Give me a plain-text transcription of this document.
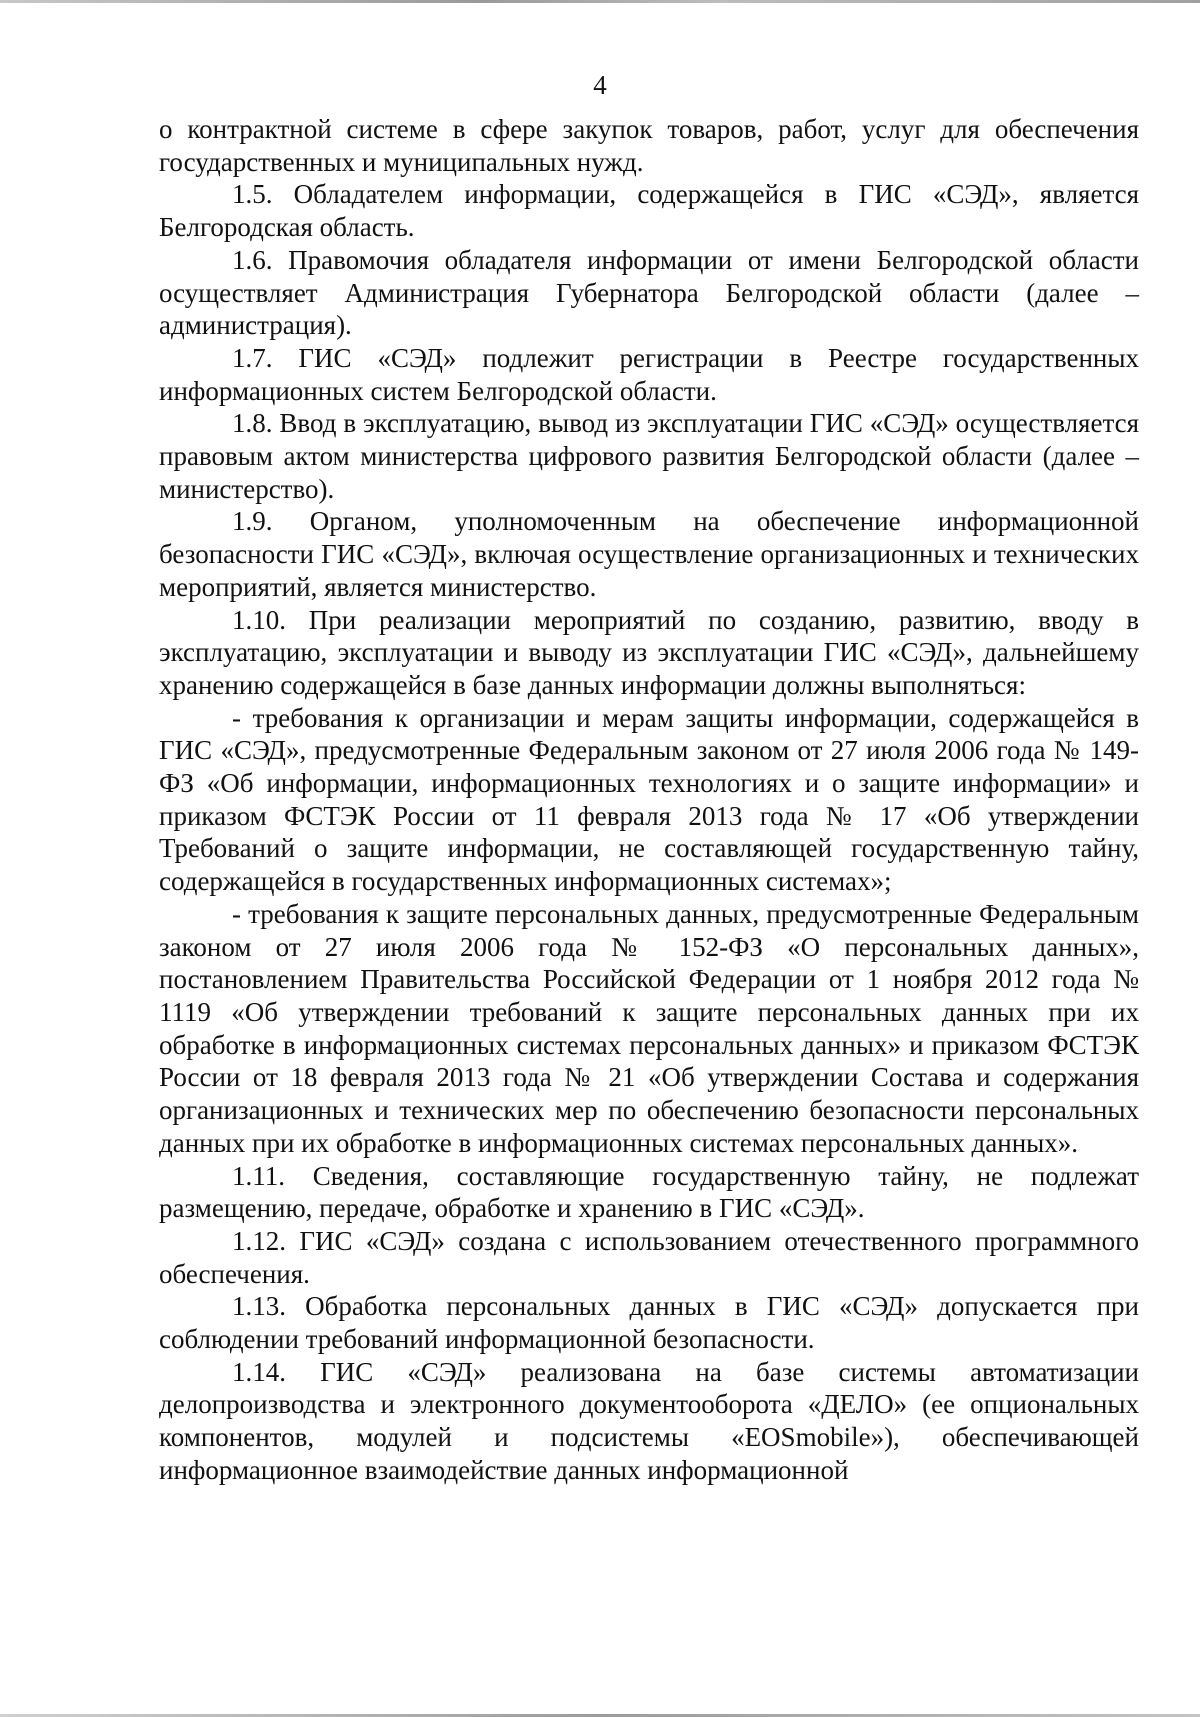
4

о контрактной системе в сфере закупок товаров, работ, услуг для обеспечения государственных и муниципальных нужд.

1.5. Обладателем информации, содержащейся в ГИС «СЭД», является Белгородская область.

1.6. Правомочия обладателя информации от имени Белгородской области осуществляет Администрация Губернатора Белгородской области (далее – администрация).

1.7. ГИС «СЭД» подлежит регистрации в Реестре государственных информационных систем Белгородской области.

1.8. Ввод в эксплуатацию, вывод из эксплуатации ГИС «СЭД» осуществляется правовым актом министерства цифрового развития Белгородской области (далее – министерство).

1.9. Органом, уполномоченным на обеспечение информационной безопасности ГИС «СЭД», включая осуществление организационных и технических мероприятий, является министерство.

1.10. При реализации мероприятий по созданию, развитию, вводу в эксплуатацию, эксплуатации и выводу из эксплуатации ГИС «СЭД», дальнейшему хранению содержащейся в базе данных информации должны выполняться:

- требования к организации и мерам защиты информации, содержащейся в ГИС «СЭД», предусмотренные Федеральным законом от 27 июля 2006 года № 149-ФЗ «Об информации, информационных технологиях и о защите информации» и приказом ФСТЭК России от 11 февраля 2013 года № 17 «Об утверждении Требований о защите информации, не составляющей государственную тайну, содержащейся в государственных информационных системах»;

- требования к защите персональных данных, предусмотренные Федеральным законом от 27 июля 2006 года № 152-ФЗ «О персональных данных», постановлением Правительства Российской Федерации от 1 ноября 2012 года № 1119 «Об утверждении требований к защите персональных данных при их обработке в информационных системах персональных данных» и приказом ФСТЭК России от 18 февраля 2013 года № 21 «Об утверждении Состава и содержания организационных и технических мер по обеспечению безопасности персональных данных при их обработке в информационных системах персональных данных».

1.11. Сведения, составляющие государственную тайну, не подлежат размещению, передаче, обработке и хранению в ГИС «СЭД».

1.12. ГИС «СЭД» создана с использованием отечественного программного обеспечения.

1.13. Обработка персональных данных в ГИС «СЭД» допускается при соблюдении требований информационной безопасности.

1.14. ГИС «СЭД» реализована на базе системы автоматизации делопроизводства и электронного документооборота «ДЕЛО» (ее опциональных компонентов, модулей и подсистемы «EOSmobile»), обеспечивающей информационное взаимодействие данных информационной
